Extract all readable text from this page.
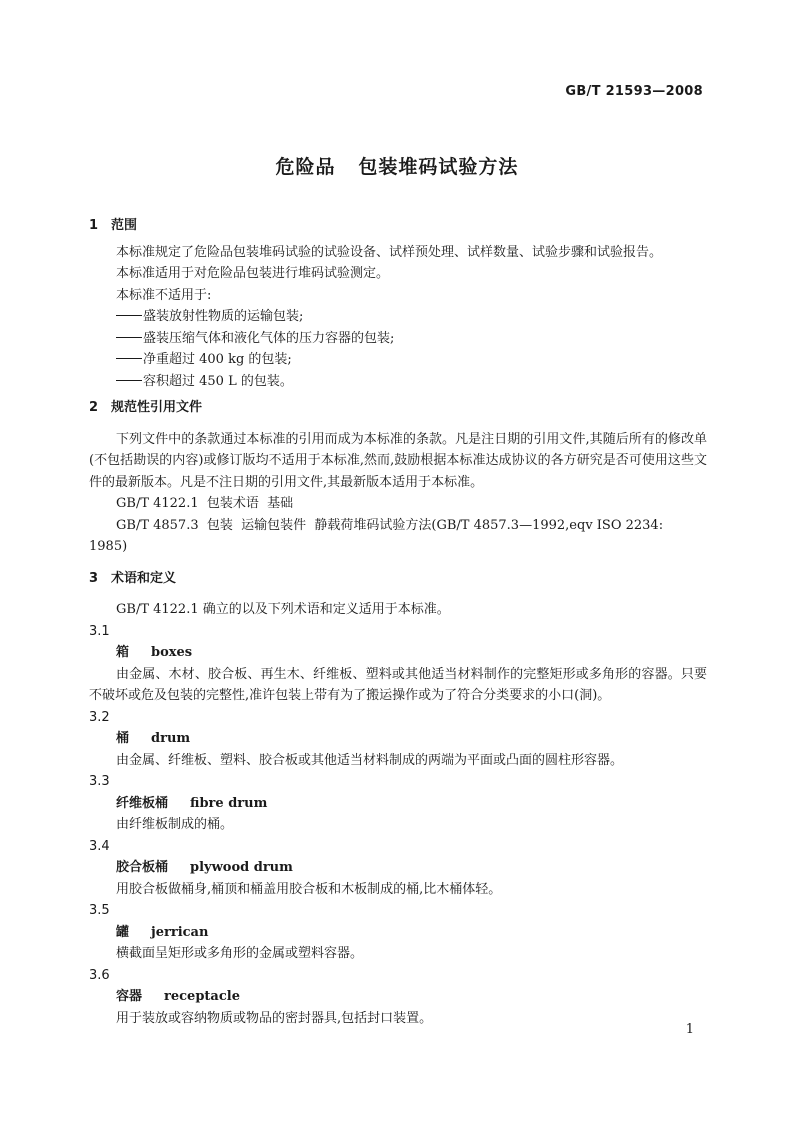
GB/T 21593—2008
危险品 包装堆码试验方法
1 范围
本标准规定了危险品包装堆码试验的试验设备、试样预处理、试样数量、试验步骤和试验报告。
本标准适用于对危险品包装进行堆码试验测定。
本标准不适用于:
盛装放射性物质的运输包装;
盛装压缩气体和液化气体的压力容器的包装;
净重超过 400 kg 的包装;
容积超过 450 L 的包装。
2 规范性引用文件
下列文件中的条款通过本标准的引用而成为本标准的条款。凡是注日期的引用文件,其随后所有的修改单(不包括勘误的内容)或修订版均不适用于本标准,然而,鼓励根据本标准达成协议的各方研究是否可使用这些文件的最新版本。凡是不注日期的引用文件,其最新版本适用于本标准。
GB/T 4122.1  包装术语  基础
GB/T 4857.3  包装  运输包装件  静载荷堆码试验方法(GB/T 4857.3—1992,eqv ISO 2234:
1985)
3 术语和定义
GB/T 4122.1 确立的以及下列术语和定义适用于本标准。
3.1
箱 boxes
由金属、木材、胶合板、再生木、纤维板、塑料或其他适当材料制作的完整矩形或多角形的容器。只要不破坏或危及包装的完整性,准许包装上带有为了搬运操作或为了符合分类要求的小口(洞)。
3.2
桶 drum
由金属、纤维板、塑料、胶合板或其他适当材料制成的两端为平面或凸面的圆柱形容器。
3.3
纤维板桶 fibre drum
由纤维板制成的桶。
3.4
胶合板桶 plywood drum
用胶合板做桶身,桶顶和桶盖用胶合板和木板制成的桶,比木桶体轻。
3.5
罐 jerrican
横截面呈矩形或多角形的金属或塑料容器。
3.6
容器 receptacle
用于装放或容纳物质或物品的密封器具,包括封口装置。
1
